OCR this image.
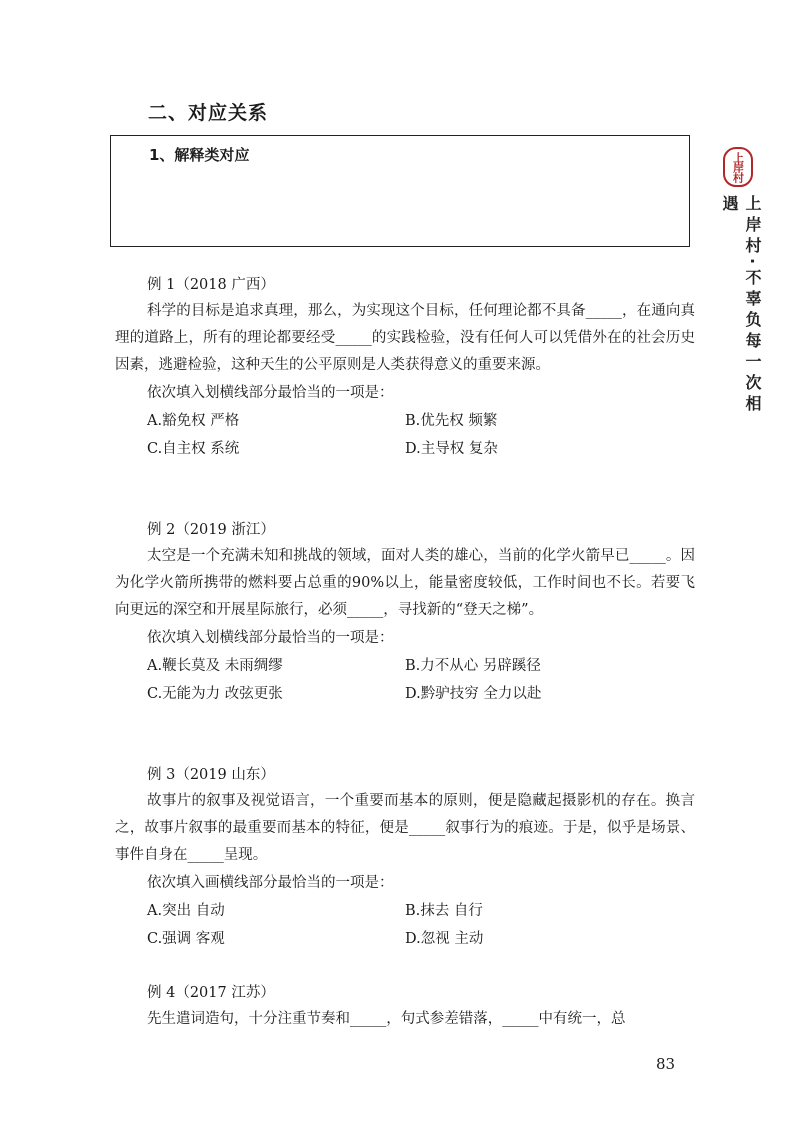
二、对应关系
1、解释类对应	上岸村
上岸村·不辜负每一次相遇
例 1（2018 广西）
科学的目标是追求真理，那么，为实现这个目标，任何理论都不具备_____，在通向真理的道路上，所有的理论都要经受_____的实践检验，没有任何人可以凭借外在的社会历史因素，逃避检验，这种天生的公平原则是人类获得意义的重要来源。
依次填入划横线部分最恰当的一项是：
A.豁免权 严格	B.优先权 频繁
C.自主权 系统	D.主导权 复杂
例 2（2019 浙江）
太空是一个充满未知和挑战的领域，面对人类的雄心，当前的化学火箭早已_____。因为化学火箭所携带的燃料要占总重的90%以上，能量密度较低，工作时间也不长。若要飞向更远的深空和开展星际旅行，必须_____，寻找新的“登天之梯”。
依次填入划横线部分最恰当的一项是：
A.鞭长莫及 未雨绸缪	B.力不从心 另辟蹊径
C.无能为力 改弦更张	D.黔驴技穷 全力以赴
例 3（2019 山东）
故事片的叙事及视觉语言，一个重要而基本的原则，便是隐藏起摄影机的存在。换言之，故事片叙事的最重要而基本的特征，便是_____叙事行为的痕迹。于是，似乎是场景、事件自身在_____呈现。
依次填入画横线部分最恰当的一项是：
A.突出 自动	B.抹去 自行
C.强调 客观	D.忽视 主动
例 4（2017 江苏）
先生遣词造句，十分注重节奏和_____，句式参差错落，_____中有统一，总
83
